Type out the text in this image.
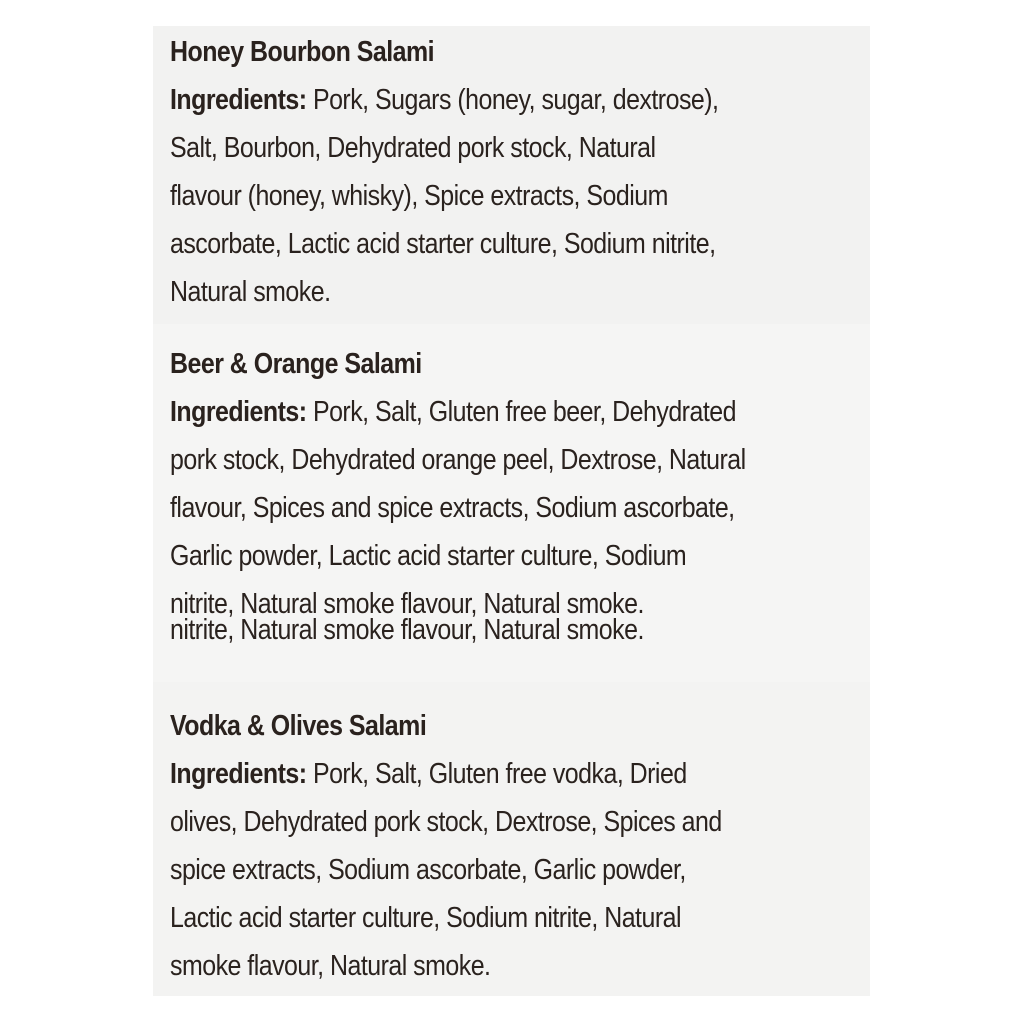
Honey Bourbon Salami
Ingredients: Pork, Sugars (honey, sugar, dextrose),
Salt, Bourbon, Dehydrated pork stock, Natural
flavour (honey, whisky), Spice extracts, Sodium
ascorbate, Lactic acid starter culture, Sodium nitrite,
Natural smoke.
Beer & Orange Salami
Ingredients: Pork, Salt, Gluten free beer, Dehydrated
pork stock, Dehydrated orange peel, Dextrose, Natural
flavour, Spices and spice extracts, Sodium ascorbate,
Garlic powder, Lactic acid starter culture, Sodium
nitrite, Natural smoke flavour, Natural smoke.
nitrite, Natural smoke flavour, Natural smoke.
Vodka & Olives Salami
Ingredients: Pork, Salt, Gluten free vodka, Dried
olives, Dehydrated pork stock, Dextrose, Spices and
spice extracts, Sodium ascorbate, Garlic powder,
Lactic acid starter culture, Sodium nitrite, Natural
smoke flavour, Natural smoke.
